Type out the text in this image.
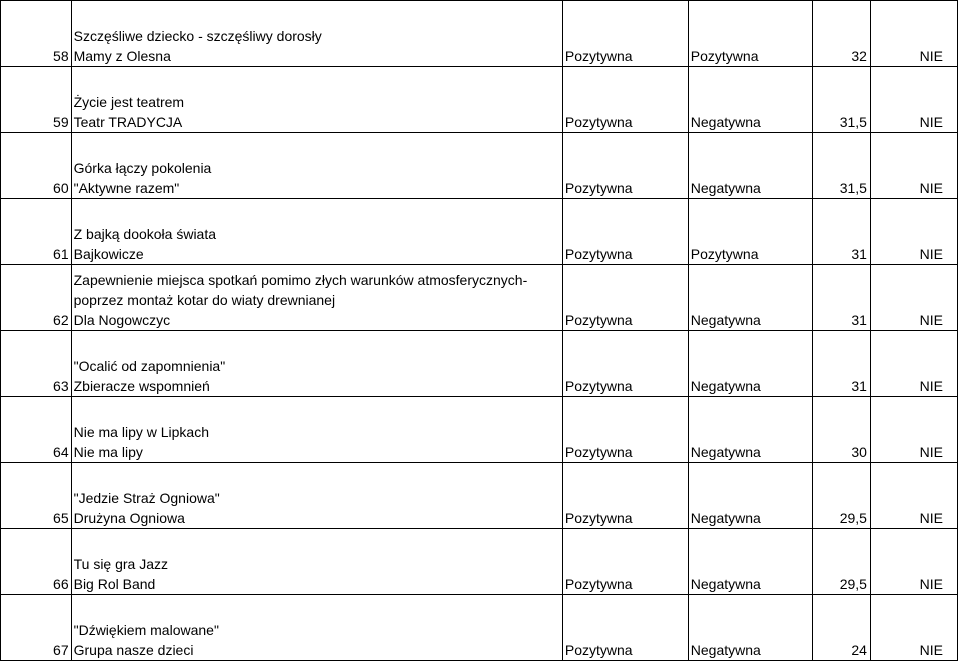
58	Szczęśliwe dziecko - szczęśliwy dorosły
Mamy z Olesna	Pozytywna	Pozytywna	32	NIE
59	Życie jest teatrem
Teatr TRADYCJA	Pozytywna	Negatywna	31,5	NIE
60	Górka łączy pokolenia
"Aktywne razem"	Pozytywna	Negatywna	31,5	NIE
61	Z bajką dookoła świata
Bajkowicze	Pozytywna	Pozytywna	31	NIE
62	Zapewnienie miejsca spotkań pomimo złych warunków atmosferycznych-
poprzez montaż kotar do wiaty drewnianej
Dla Nogowczyc	Pozytywna	Negatywna	31	NIE
63	"Ocalić od zapomnienia"
Zbieracze wspomnień	Pozytywna	Negatywna	31	NIE
64	Nie ma lipy w Lipkach
Nie ma lipy	Pozytywna	Negatywna	30	NIE
65	"Jedzie Straż Ogniowa"
Drużyna Ogniowa	Pozytywna	Negatywna	29,5	NIE
66	Tu się gra Jazz
Big Rol Band	Pozytywna	Negatywna	29,5	NIE
67	"Dźwiękiem malowane"
Grupa nasze dzieci	Pozytywna	Negatywna	24	NIE
